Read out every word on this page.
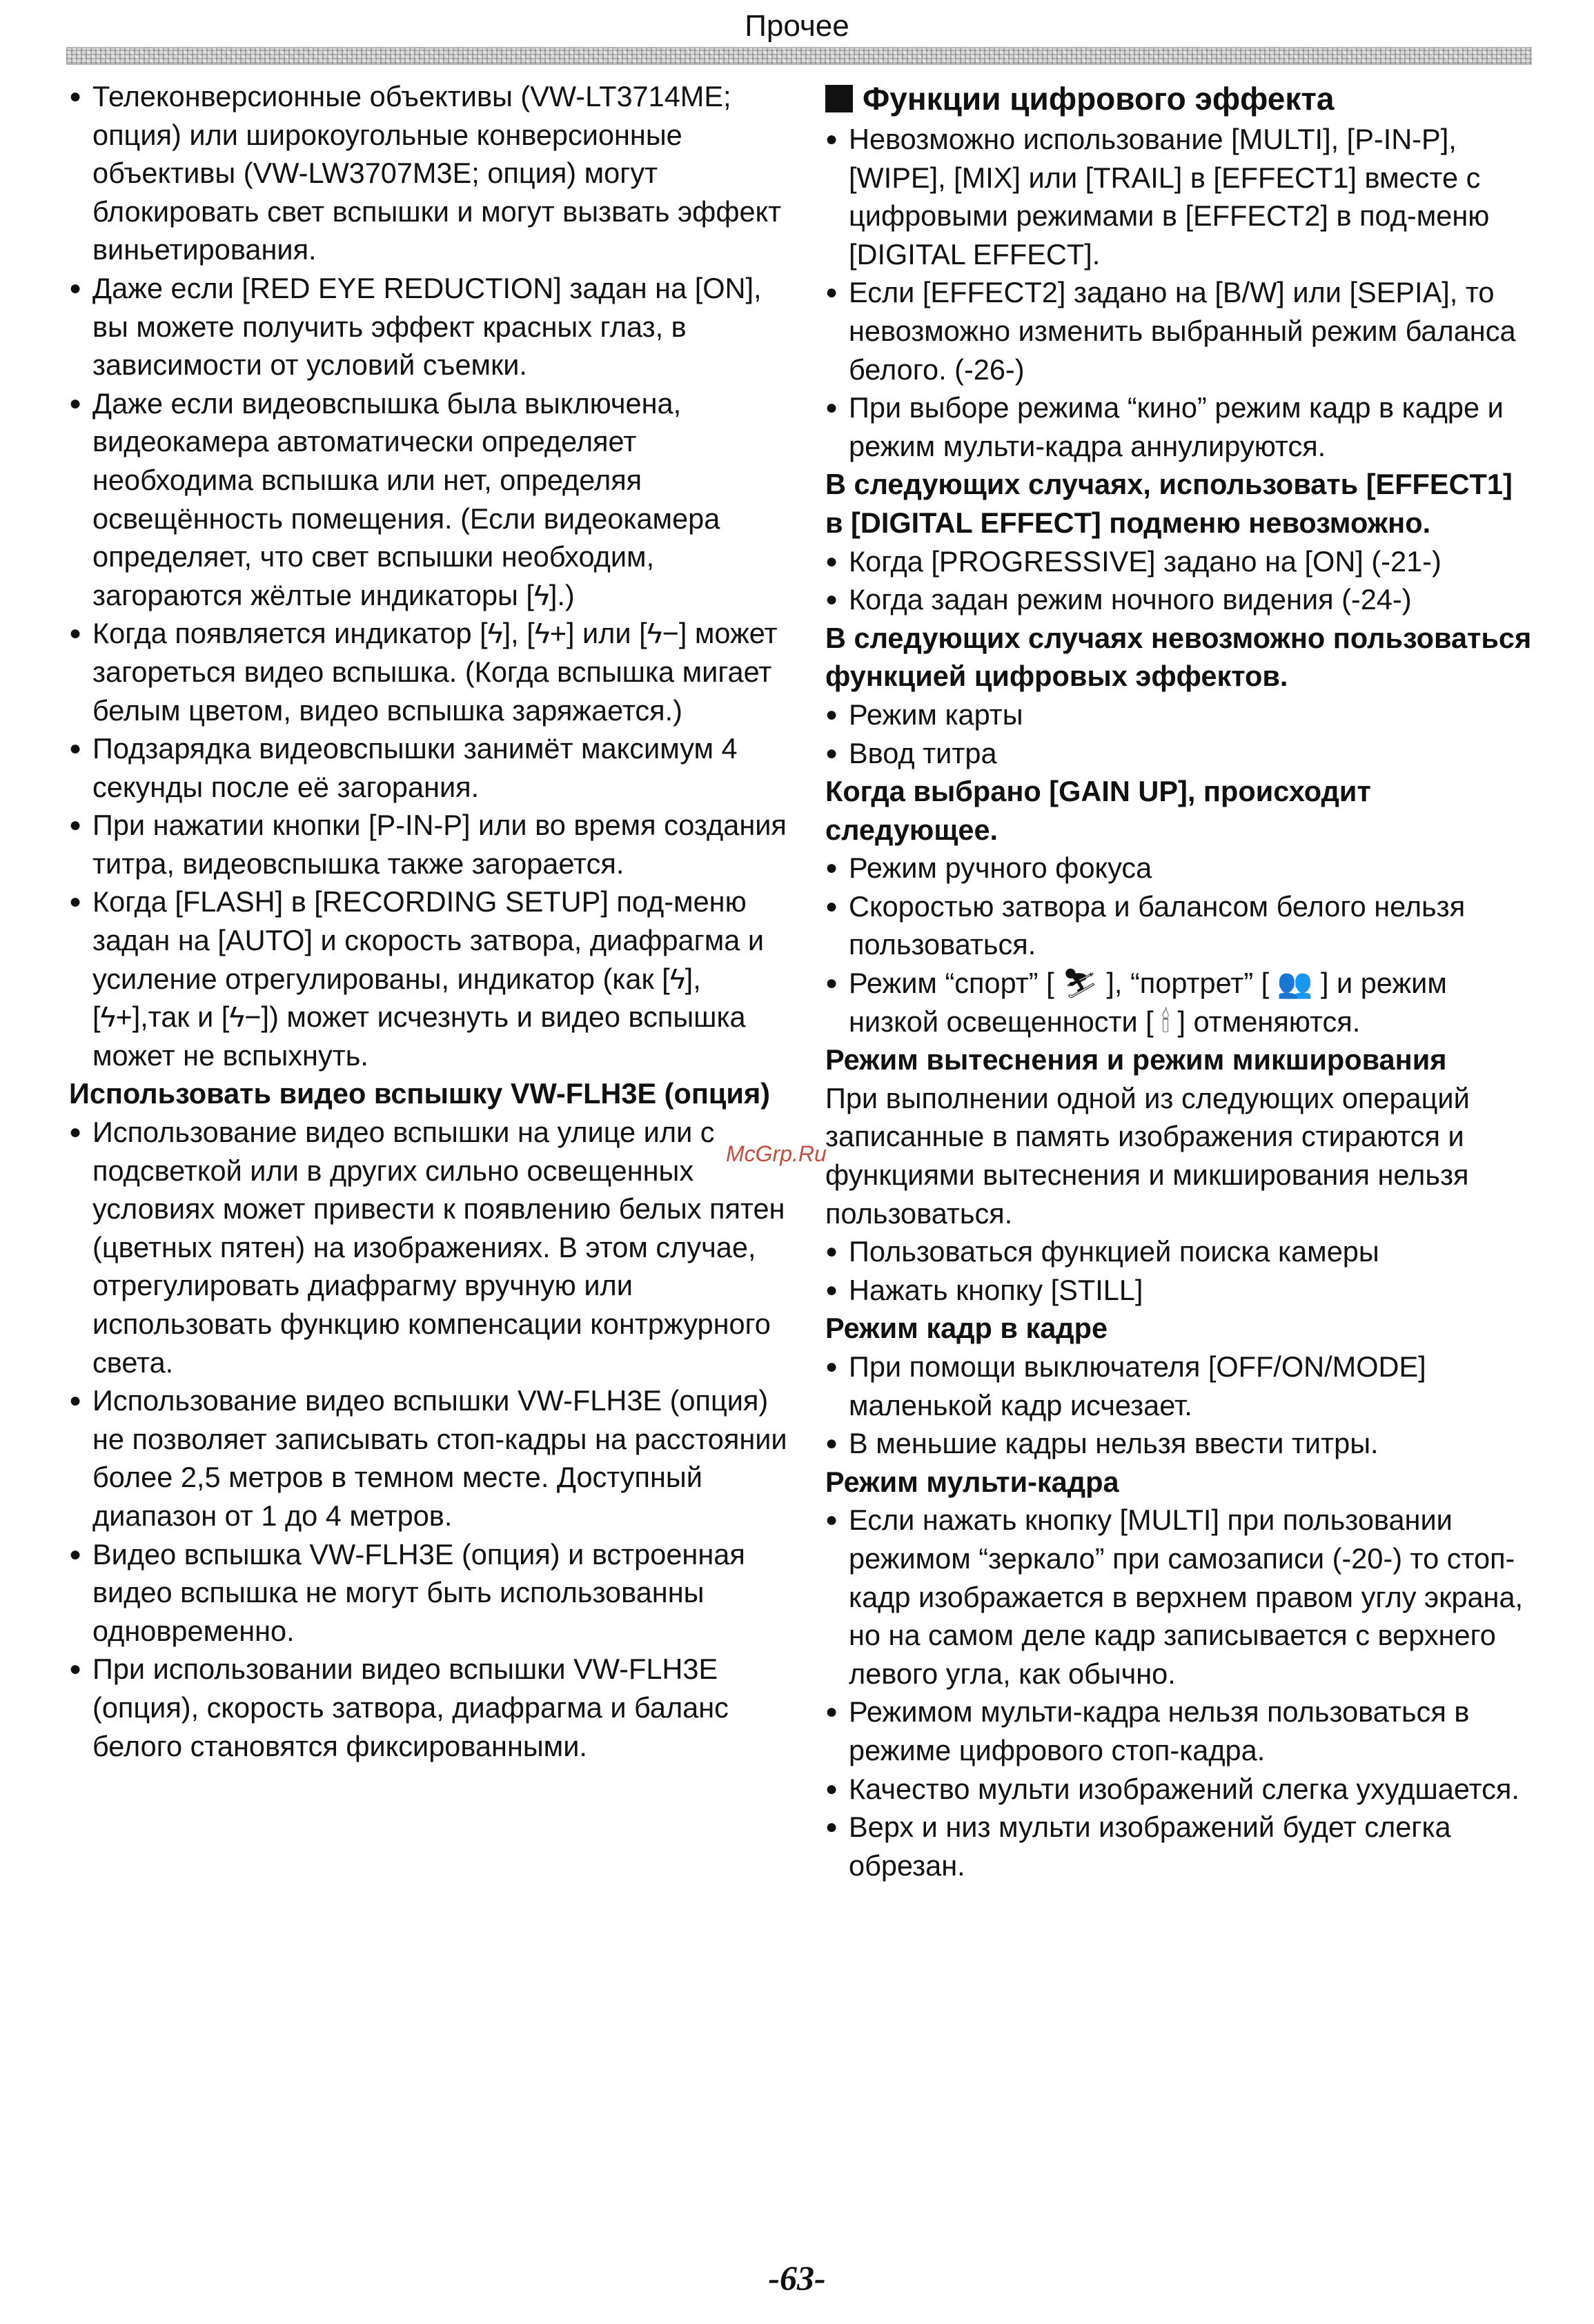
Прочее
● Телеконверсионные объективы (VW-LT3714ME; опция) или широкоугольные конверсионные объективы (VW-LW3707M3E; опция) могут блокировать свет вспышки и могут вызвать эффект виньетирования.
● Даже если [RED EYE REDUCTION] задан на [ON], вы можете получить эффект красных глаз, в зависимости от условий съемки.
● Даже если видеовспышка была выключена, видеокамера автоматически определяет необходима вспышка или нет, определяя освещённость помещения. (Если видеокамера определяет, что свет вспышки необходим, загораются жёлтые индикаторы [ϟ].)
● Когда появляется индикатор [ϟ], [ϟ+] или [ϟ−] может загореться видео вспышка. (Когда вспышка мигает белым цветом, видео вспышка заряжается.)
● Подзарядка видеовспышки занимёт максимум 4 секунды после её загорания.
● При нажатии кнопки [P-IN-P] или во время создания титра, видеовспышка также загорается.
● Когда [FLASH] в [RECORDING SETUP] под-меню задан на [AUTO] и скорость затвора, диафрагма и усиление отрегулированы, индикатор (как [ϟ], [ϟ+],так и [ϟ−]) может исчезнуть и видео вспышка может не вспыхнуть.
Использовать видео вспышку VW-FLH3E (опция)
● Использование видео вспышки на улице или с подсветкой или в других сильно освещенных условиях может привести к появлению белых пятен (цветных пятен) на изображениях. В этом случае, отрегулировать диафрагму вручную или использовать функцию компенсации контржурного света.
● Использование видео вспышки VW-FLH3E (опция) не позволяет записывать стоп-кадры на расстоянии более 2,5 метров в темном месте. Доступный диапазон от 1 до 4 метров.
● Видео вспышка VW-FLH3E (опция) и встроенная видео вспышка не могут быть использованны одновременно.
● При использовании видео вспышки VW-FLH3E (опция), скорость затвора, диафрагма и баланс белого становятся фиксированными.
Функции цифрового эффекта
● Невозможно использование [MULTI], [P-IN-P], [WIPE], [MIX] или [TRAIL] в [EFFECT1] вместе с цифровыми режимами в [EFFECT2] в под-меню [DIGITAL EFFECT].
● Если [EFFECT2] задано на [B/W] или [SEPIA], то невозможно изменить выбранный режим баланса белого. (-26-)
● При выборе режима “кино” режим кадр в кадре и режим мульти-кадра аннулируются.
В следующих случаях, использовать [EFFECT1] в [DIGITAL EFFECT] подменю невозможно.
● Когда [PROGRESSIVE] задано на [ON] (-21-)
● Когда задан режим ночного видения (-24-)
В следующих случаях невозможно пользоваться функцией цифровых эффектов.
● Режим карты
● Ввод титра
Когда выбрано [GAIN UP], происходит следующее.
● Режим ручного фокуса
● Скоростью затвора и балансом белого нельзя пользоваться.
● Режим “спорт” [ ⛷ ], “портрет” [ 👥 ] и режим низкой освещенности [ 🕯 ] отменяются.
Режим вытеснения и режим микширования
При выполнении одной из следующих операций записанные в память изображения стираются и функциями вытеснения и микширования нельзя пользоваться.
● Пользоваться функцией поиска камеры
● Нажать кнопку [STILL]
Режим кадр в кадре
● При помощи выключателя [OFF/ON/MODE] маленькой кадр исчезает.
● В меньшие кадры нельзя ввести титры.
Режим мульти-кадра
● Если нажать кнопку [MULTI] при пользовании режимом “зеркало” при самозаписи (-20-) то стоп-кадр изображается в верхнем правом углу экрана, но на самом деле кадр записывается с верхнего левого угла, как обычно.
● Режимом мульти-кадра нельзя пользоваться в режиме цифрового стоп-кадра.
● Качество мульти изображений слегка ухудшается.
● Верх и низ мульти изображений будет слегка обрезан.
McGrp.Ru
-63-
